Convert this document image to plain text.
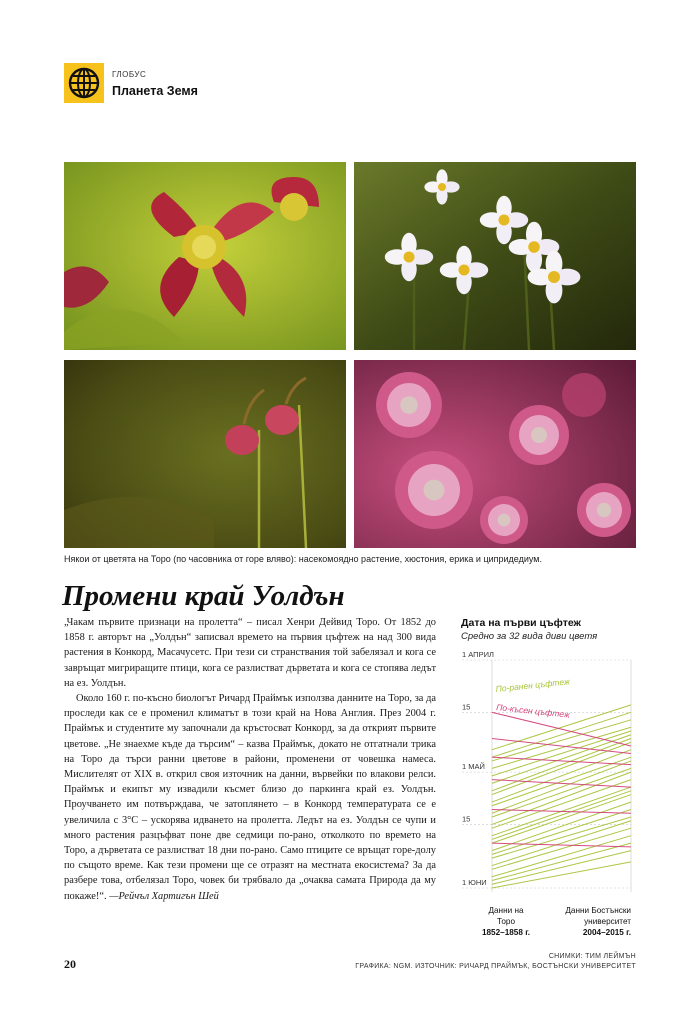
ГЛОБУС
Планета Земя
Някои от цветята на Торо (по часовника от горе вляво): насекомоядно растение, хюстония, ерика и ципридедиум.
Промени край Уолдън

„Чакам първите признаци на пролетта“ – писал Хенри Дейвид Торо. От 1852 до 1858 г. авторът на „Уолдън“ записвал времето на първия цъфтеж на над 300 вида растения в Конкорд, Масачусетс. При тези си странствания той забелязал и кога се завръщат мигриращите птици, кога се разлистват дърветата и кога се стопява ледът на ез. Уолдън.

Около 160 г. по-късно биологът Ричард Праймък използва данните на Торо, за да проследи как се е променил климатът в този край на Нова Англия. През 2004 г. Праймък и студентите му започнали да кръстосват Конкорд, за да открият първите цветове. „Не знаехме къде да търсим“ – казва Праймък, докато не отгатнали трика на Торо да търси ранни цветове в райони, променени от човешка намеса. Мислителят от XIX в. открил своя източник на данни, вървейки по влакови релси. Праймък и екипът му извадили късмет близо до паркинга край ез. Уолдън. Проучването им потвърждава, че затоплянето – в Конкорд температурата се е увеличила с 3°С – ускорява идването на пролетта. Ледът на ез. Уолдън се чупи и много растения разцъфват поне две седмици по-рано, отколкото по времето на Торо, а дърветата се разлистват 18 дни по-рано. Само птиците се връщат горе-долу по същото време. Как тези промени ще се отразят на местната екосистема? За да разбере това, отбелязал Торо, човек би трябвало да „очаква самата Природа да му покаже!“. —Рейчъл Хартигън Шей

Дата на първи цъфтеж
Средно за 32 вида диви цветя
1 АПРИЛ
15
1 МАЙ
15
1 ЮНИ
По-ранен цъфтеж
По-късен цъфтеж
Данни на
Торо
1852–1858 г.
Данни Бостънски
университет
2004–2015 г.
20
СНИМКИ: ТИМ ЛЕЙМЪН
ГРАФИКА: NGM. ИЗТОЧНИК: РИЧАРД ПРАЙМЪК, БОСТЪНСКИ УНИВЕРСИТЕТ
